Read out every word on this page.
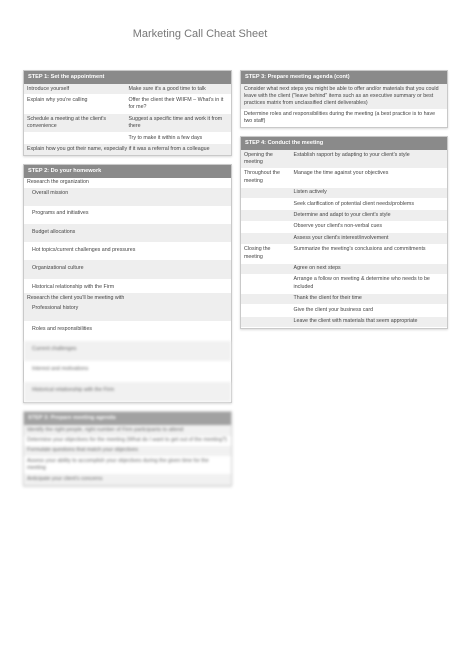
Marketing Call Cheat Sheet
STEP 1: Set the appointment
Introduce yourself	Make sure it's a good time to talk
Explain why you're calling	Offer the client their WIIFM – What's in it for me?
Schedule a meeting at the client's convenience
Suggest a specific time and work it from there
Try to make it within a few days
Explain how you got their name, especially if it was a referral from a colleague
STEP 2: Do your homework
Research the organization
Overall mission
Programs and initiatives
Budget allocations
Hot topics/current challenges and pressures
Organizational culture
Historical relationship with the Firm
Research the client you'll be meeting with
Professional history
Roles and responsibilities
Current challenges
Interest and motivations
Historical relationship with the Firm
STEP 3: Prepare meeting agenda
Identify the right people, right number of Firm participants to attend
Determine your objectives for the meeting (What do I want to get out of the meeting?)
Formulate questions that match your objectives
Assess your ability to accomplish your objectives during the given time for the meeting
Anticipate your client's concerns
STEP 3: Prepare meeting agenda (cont)
Consider what next steps you might be able to offer and/or materials that you could leave with the client ("leave behind" items such as an executive summary or best practices matrix from unclassified client deliverables)
Determine roles and responsibilities during the meeting (a best practice is to have two staff)
STEP 4: Conduct the meeting
Opening the meeting
Establish rapport by adapting to your client's style
Throughout the meeting
Manage the time against your objectives
Listen actively
Seek clarification of potential client needs/problems
Determine and adapt to your client's style
Observe your client's non-verbal cues
Assess your client's interest/involvement
Closing the meeting
Summarize the meeting's conclusions and commitments
Agree on next steps
Arrange a follow on meeting & determine who needs to be included
Thank the client for their time
Give the client your business card
Leave the client with materials that seem appropriate
